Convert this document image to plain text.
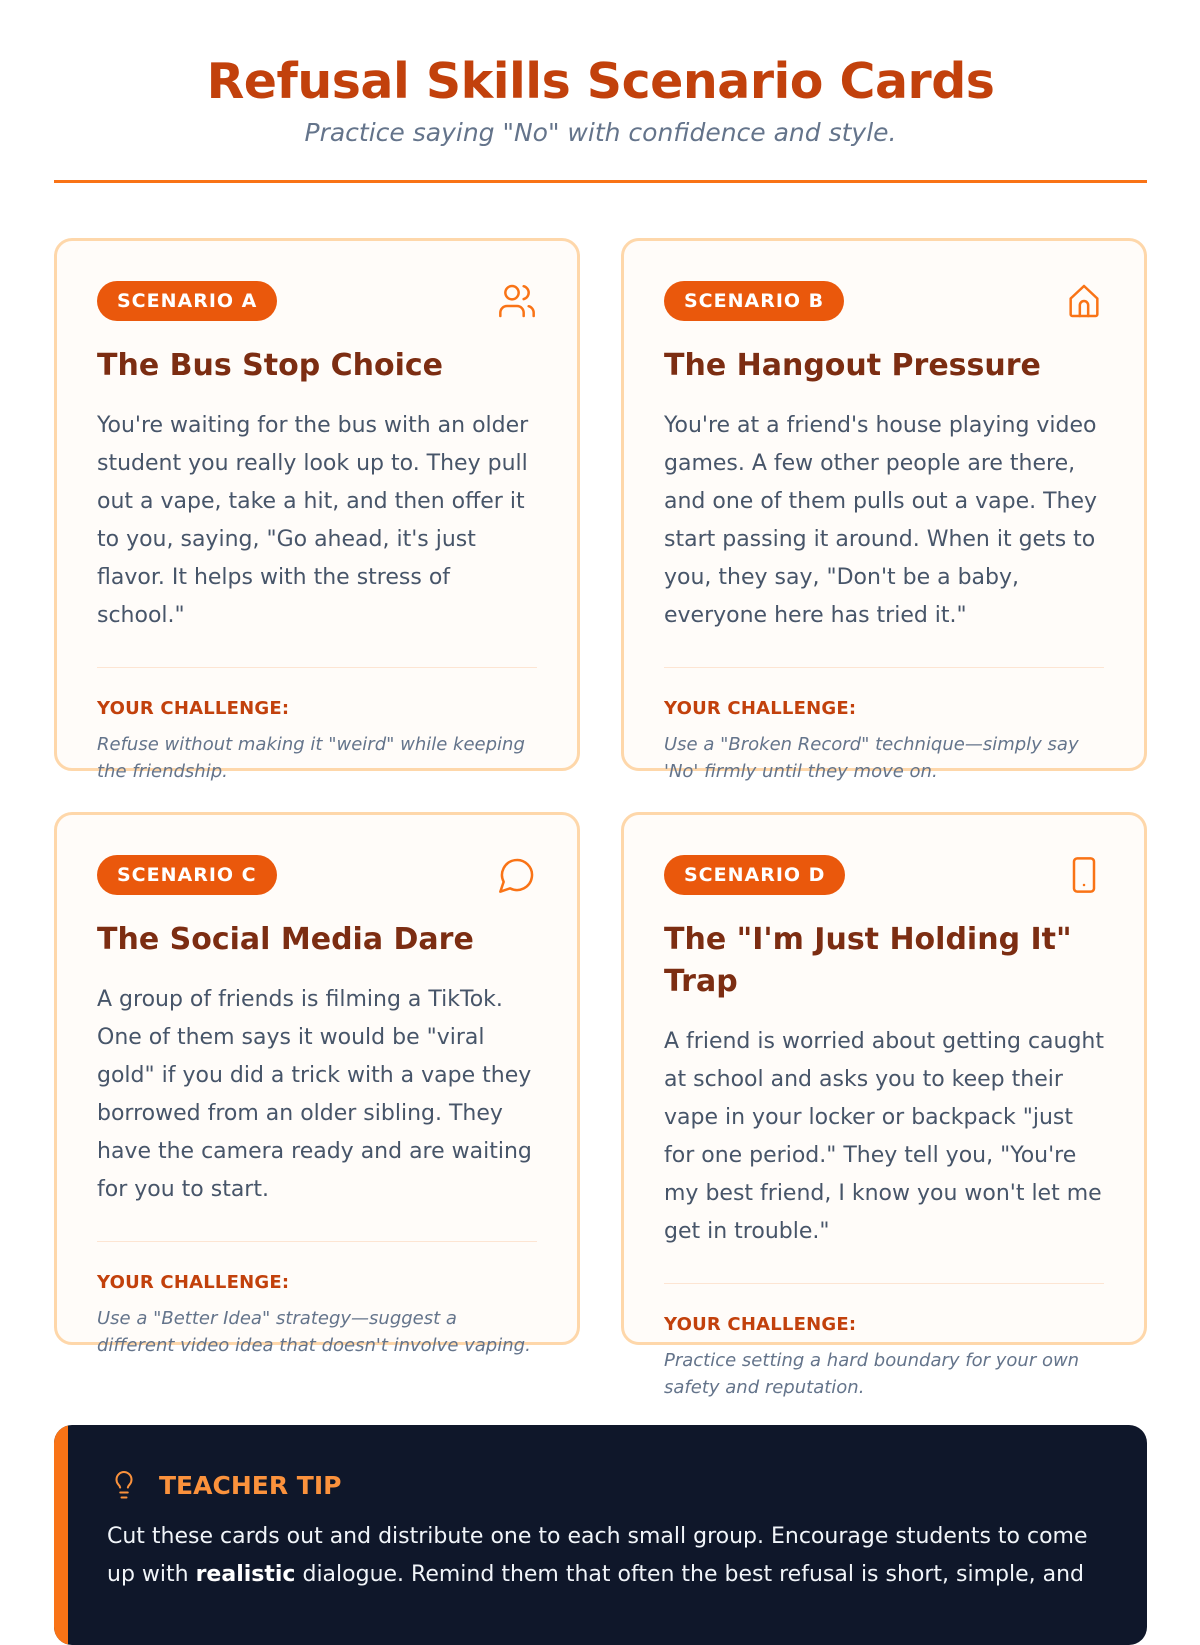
Refusal Skills Scenario Cards

Practice saying "No" with confidence and style.

SCENARIO A
The Bus Stop Choice

You're waiting for the bus with an older student you really look up to. They pull out a vape, take a hit, and then offer it to you, saying, "Go ahead, it's just flavor. It helps with the stress of school."

YOUR CHALLENGE:

Refuse without making it "weird" while keeping the friendship.

SCENARIO B
The Hangout Pressure

You're at a friend's house playing video games. A few other people are there, and one of them pulls out a vape. They start passing it around. When it gets to you, they say, "Don't be a baby, everyone here has tried it."

YOUR CHALLENGE:

Use a "Broken Record" technique—simply say 'No' firmly until they move on.

SCENARIO C
The Social Media Dare

A group of friends is filming a TikTok. One of them says it would be "viral gold" if you did a trick with a vape they borrowed from an older sibling. They have the camera ready and are waiting for you to start.

YOUR CHALLENGE:

Use a "Better Idea" strategy—suggest a different video idea that doesn't involve vaping.

SCENARIO D
The "I'm Just Holding It" Trap

A friend is worried about getting caught at school and asks you to keep their vape in your locker or backpack "just for one period." They tell you, "You're my best friend, I know you won't let me get in trouble."

YOUR CHALLENGE:

Practice setting a hard boundary for your own safety and reputation.

TEACHER TIP

Cut these cards out and distribute one to each small group. Encourage students to come up with realistic dialogue. Remind them that often the best refusal is short, simple, and
